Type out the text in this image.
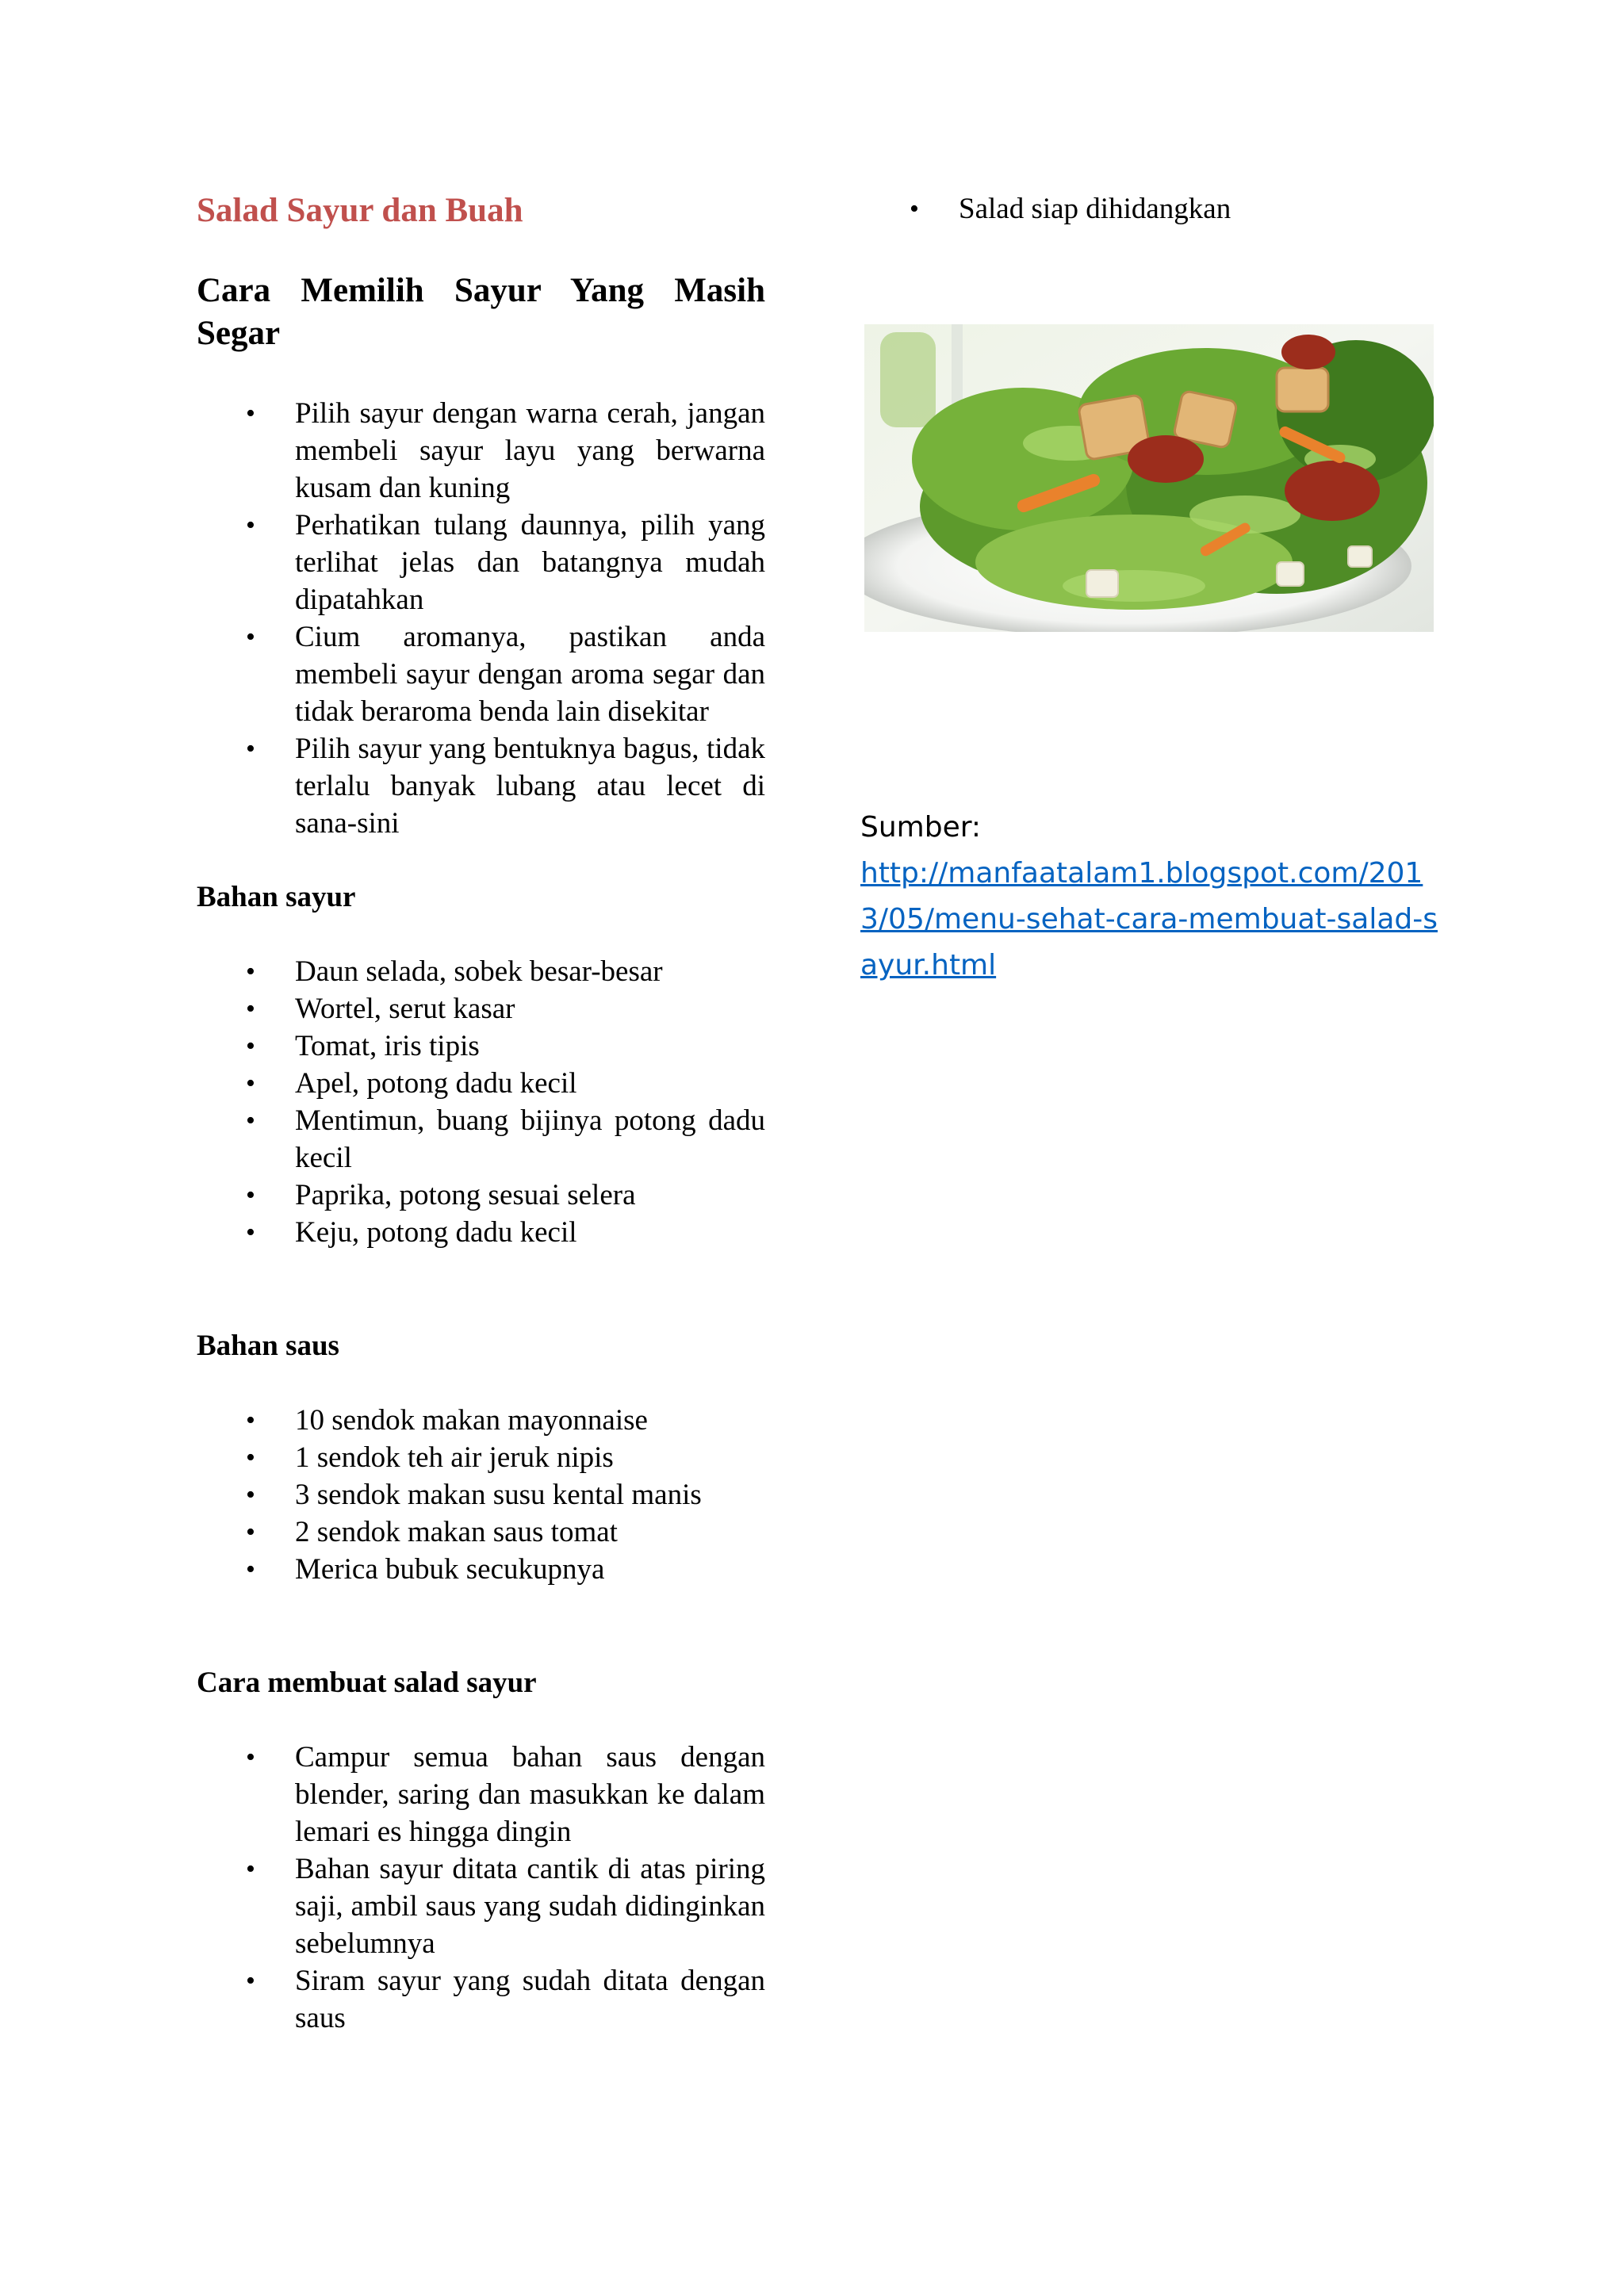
Salad Sayur dan Buah
Cara Memilih Sayur Yang Masih Segar
• Pilih sayur dengan warna cerah, jangan membeli sayur layu yang berwarna kusam dan kuning
• Perhatikan tulang daunnya, pilih yang terlihat jelas dan batangnya mudah dipatahkan
• Cium aromanya, pastikan anda membeli sayur dengan aroma segar dan tidak beraroma benda lain disekitar
• Pilih sayur yang bentuknya bagus, tidak terlalu banyak lubang atau lecet di sana-sini
Bahan sayur
• Daun selada, sobek besar-besar
• Wortel, serut kasar
• Tomat, iris tipis
• Apel, potong dadu kecil
• Mentimun, buang bijinya potong dadu kecil
• Paprika, potong sesuai selera
• Keju, potong dadu kecil
Bahan saus
• 10 sendok makan mayonnaise
• 1 sendok teh air jeruk nipis
• 3 sendok makan susu kental manis
• 2 sendok makan saus tomat
• Merica bubuk secukupnya
Cara membuat salad sayur
• Campur semua bahan saus dengan blender, saring dan masukkan ke dalam lemari es hingga dingin
• Bahan sayur ditata cantik di atas piring saji, ambil saus yang sudah didinginkan sebelumnya
• Siram sayur yang sudah ditata dengan saus
• Salad siap dihidangkan
Sumber:
http://manfaatalam1.blogspot.com/2013/05/menu-sehat-cara-membuat-salad-sayur.html
